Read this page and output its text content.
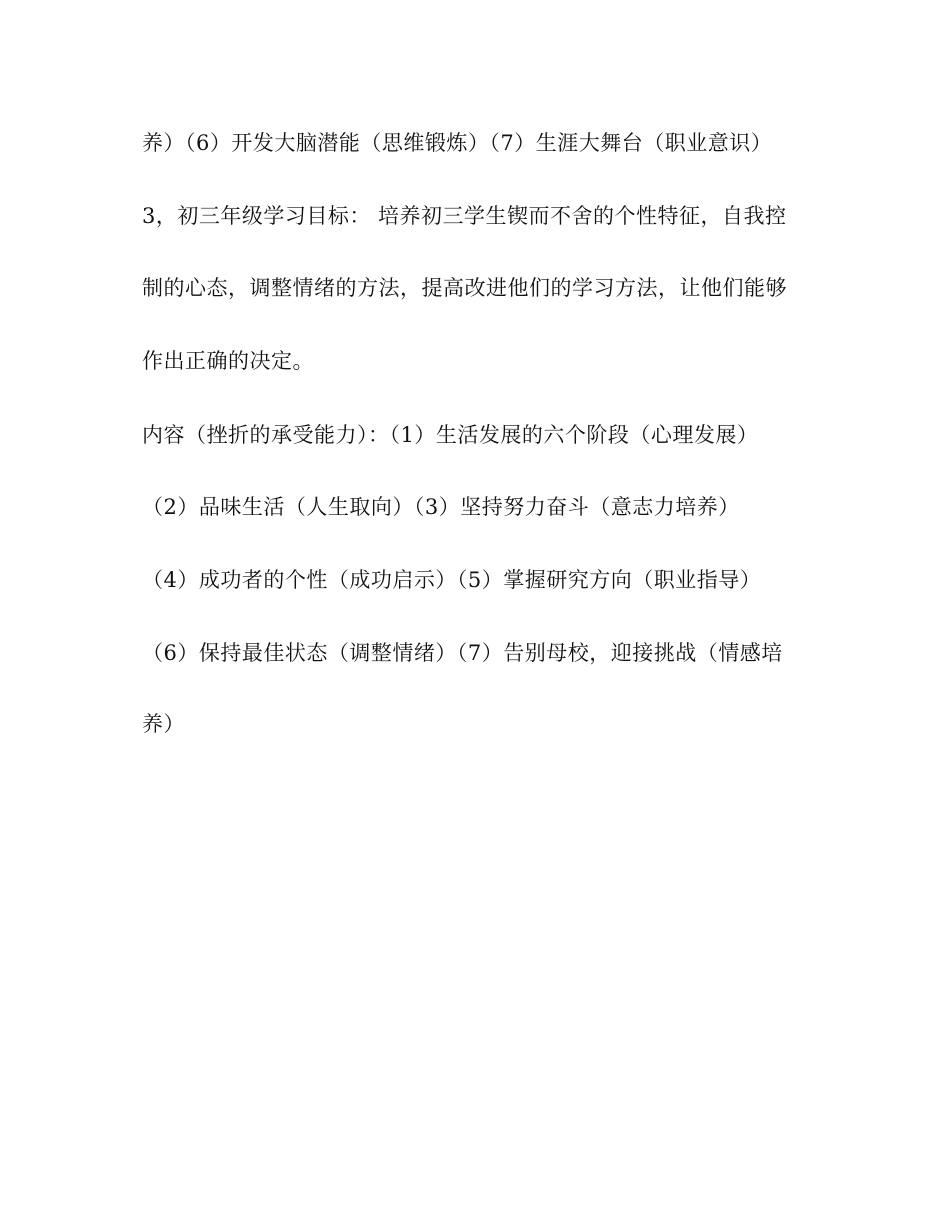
养）（6）开发大脑潜能（思维锻炼）（7）生涯大舞台（职业意识）
3，初三年级学习目标： 培养初三学生锲而不舍的个性特征，自我控
制的心态，调整情绪的方法，提高改进他们的学习方法，让他们能够
作出正确的决定。
内容（挫折的承受能力）：（1）生活发展的六个阶段（心理发展）
（2）品味生活（人生取向）（3）坚持努力奋斗（意志力培养）
（4）成功者的个性（成功启示）（5）掌握研究方向（职业指导）
（6）保持最佳状态（调整情绪）（7）告别母校，迎接挑战（情感培
养）
